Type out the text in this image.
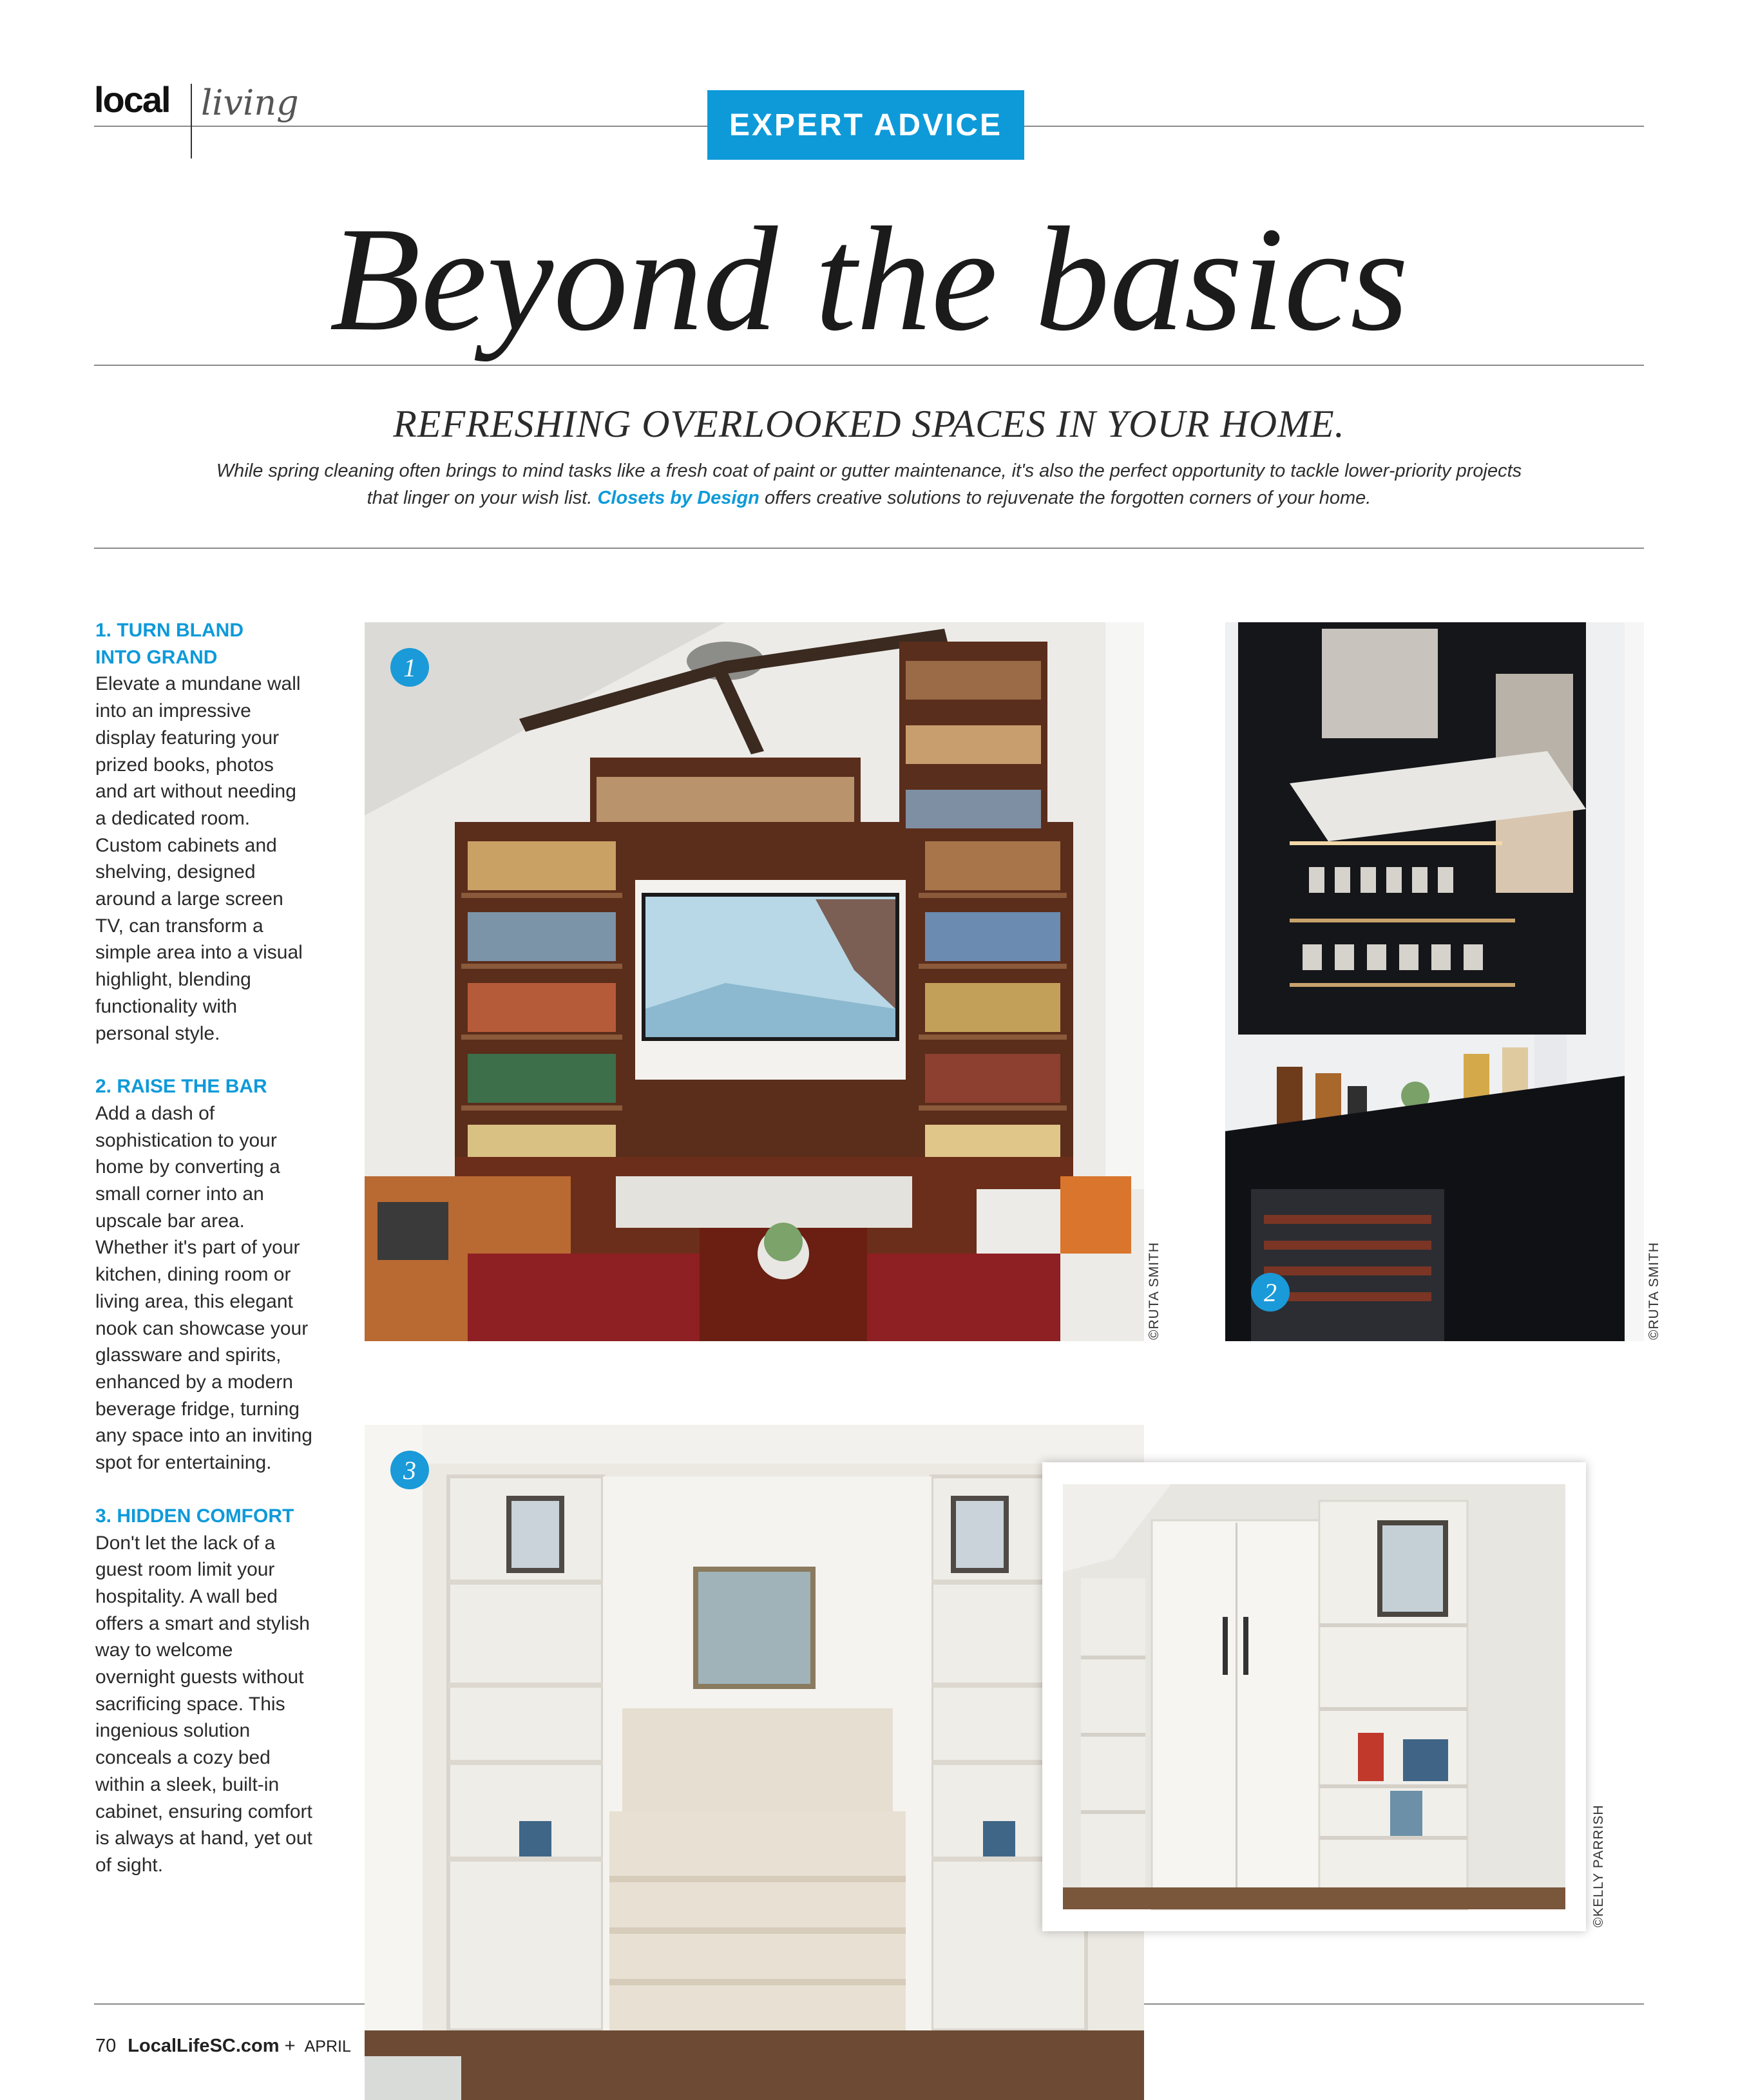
local living
EXPERT ADVICE
Beyond the basics
REFRESHING OVERLOOKED SPACES IN YOUR HOME.
While spring cleaning often brings to mind tasks like a fresh coat of paint or gutter maintenance, it's also the perfect opportunity to tackle lower-priority projects that linger on your wish list. Closets by Design offers creative solutions to rejuvenate the forgotten corners of your home.
1. TURN BLAND INTO GRAND
Elevate a mundane wall into an impressive display featuring your prized books, photos and art without needing a dedicated room. Custom cabinets and shelving, designed around a large screen TV, can transform a simple area into a visual highlight, blending functionality with personal style.
2. RAISE THE BAR
Add a dash of sophistication to your home by converting a small corner into an upscale bar area. Whether it's part of your kitchen, dining room or living area, this elegant nook can showcase your glassware and spirits, enhanced by a modern beverage fridge, turning any space into an inviting spot for entertaining.
3. HIDDEN COMFORT
Don't let the lack of a guest room limit your hospitality. A wall bed offers a smart and stylish way to welcome overnight guests without sacrificing space. This ingenious solution conceals a cozy bed within a sleek, built-in cabinet, ensuring comfort is always at hand, yet out of sight.
1
©RUTA SMITH	2	©RUTA SMITH
3
©KELLY PARRISH
70 LocalLifeSC.com + APRIL
